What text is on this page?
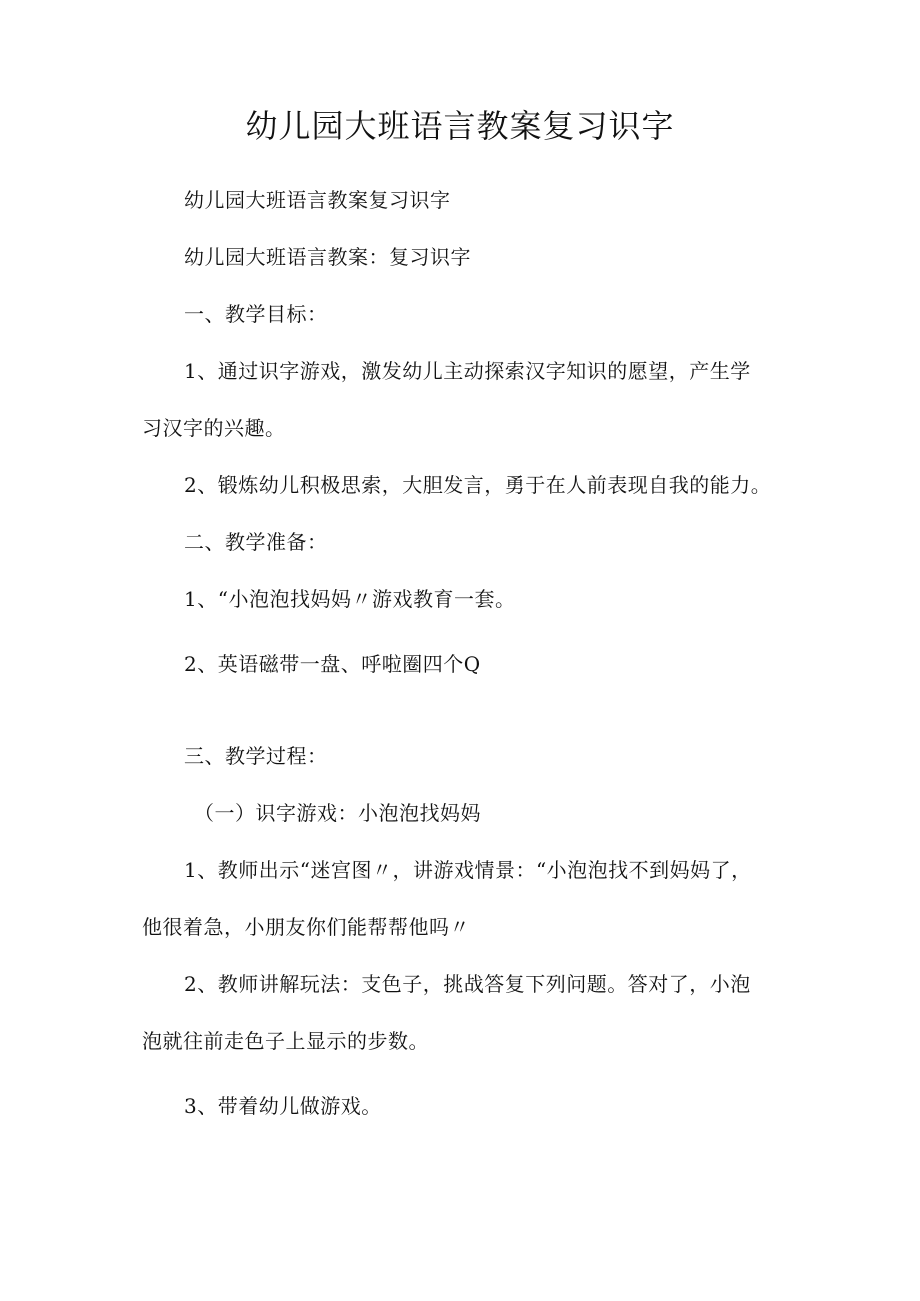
幼儿园大班语言教案复习识字
幼儿园大班语言教案复习识字
幼儿园大班语言教案：复习识字
一、教学目标：
1、通过识字游戏，激发幼儿主动探索汉字知识的愿望，产生学
习汉字的兴趣。
2、锻炼幼儿积极思索，大胆发言，勇于在人前表现自我的能力。
二、教学准备：
1、“小泡泡找妈妈〃游戏教育一套。
2、英语磁带一盘、呼啦圈四个Q
三、教学过程：
（一）识字游戏：小泡泡找妈妈
1、教师出示“迷宫图〃，讲游戏情景：“小泡泡找不到妈妈了，
他很着急，小朋友你们能帮帮他吗〃
2、教师讲解玩法：支色子，挑战答复下列问题。答对了，小泡
泡就往前走色子上显示的步数。
3、带着幼儿做游戏。
